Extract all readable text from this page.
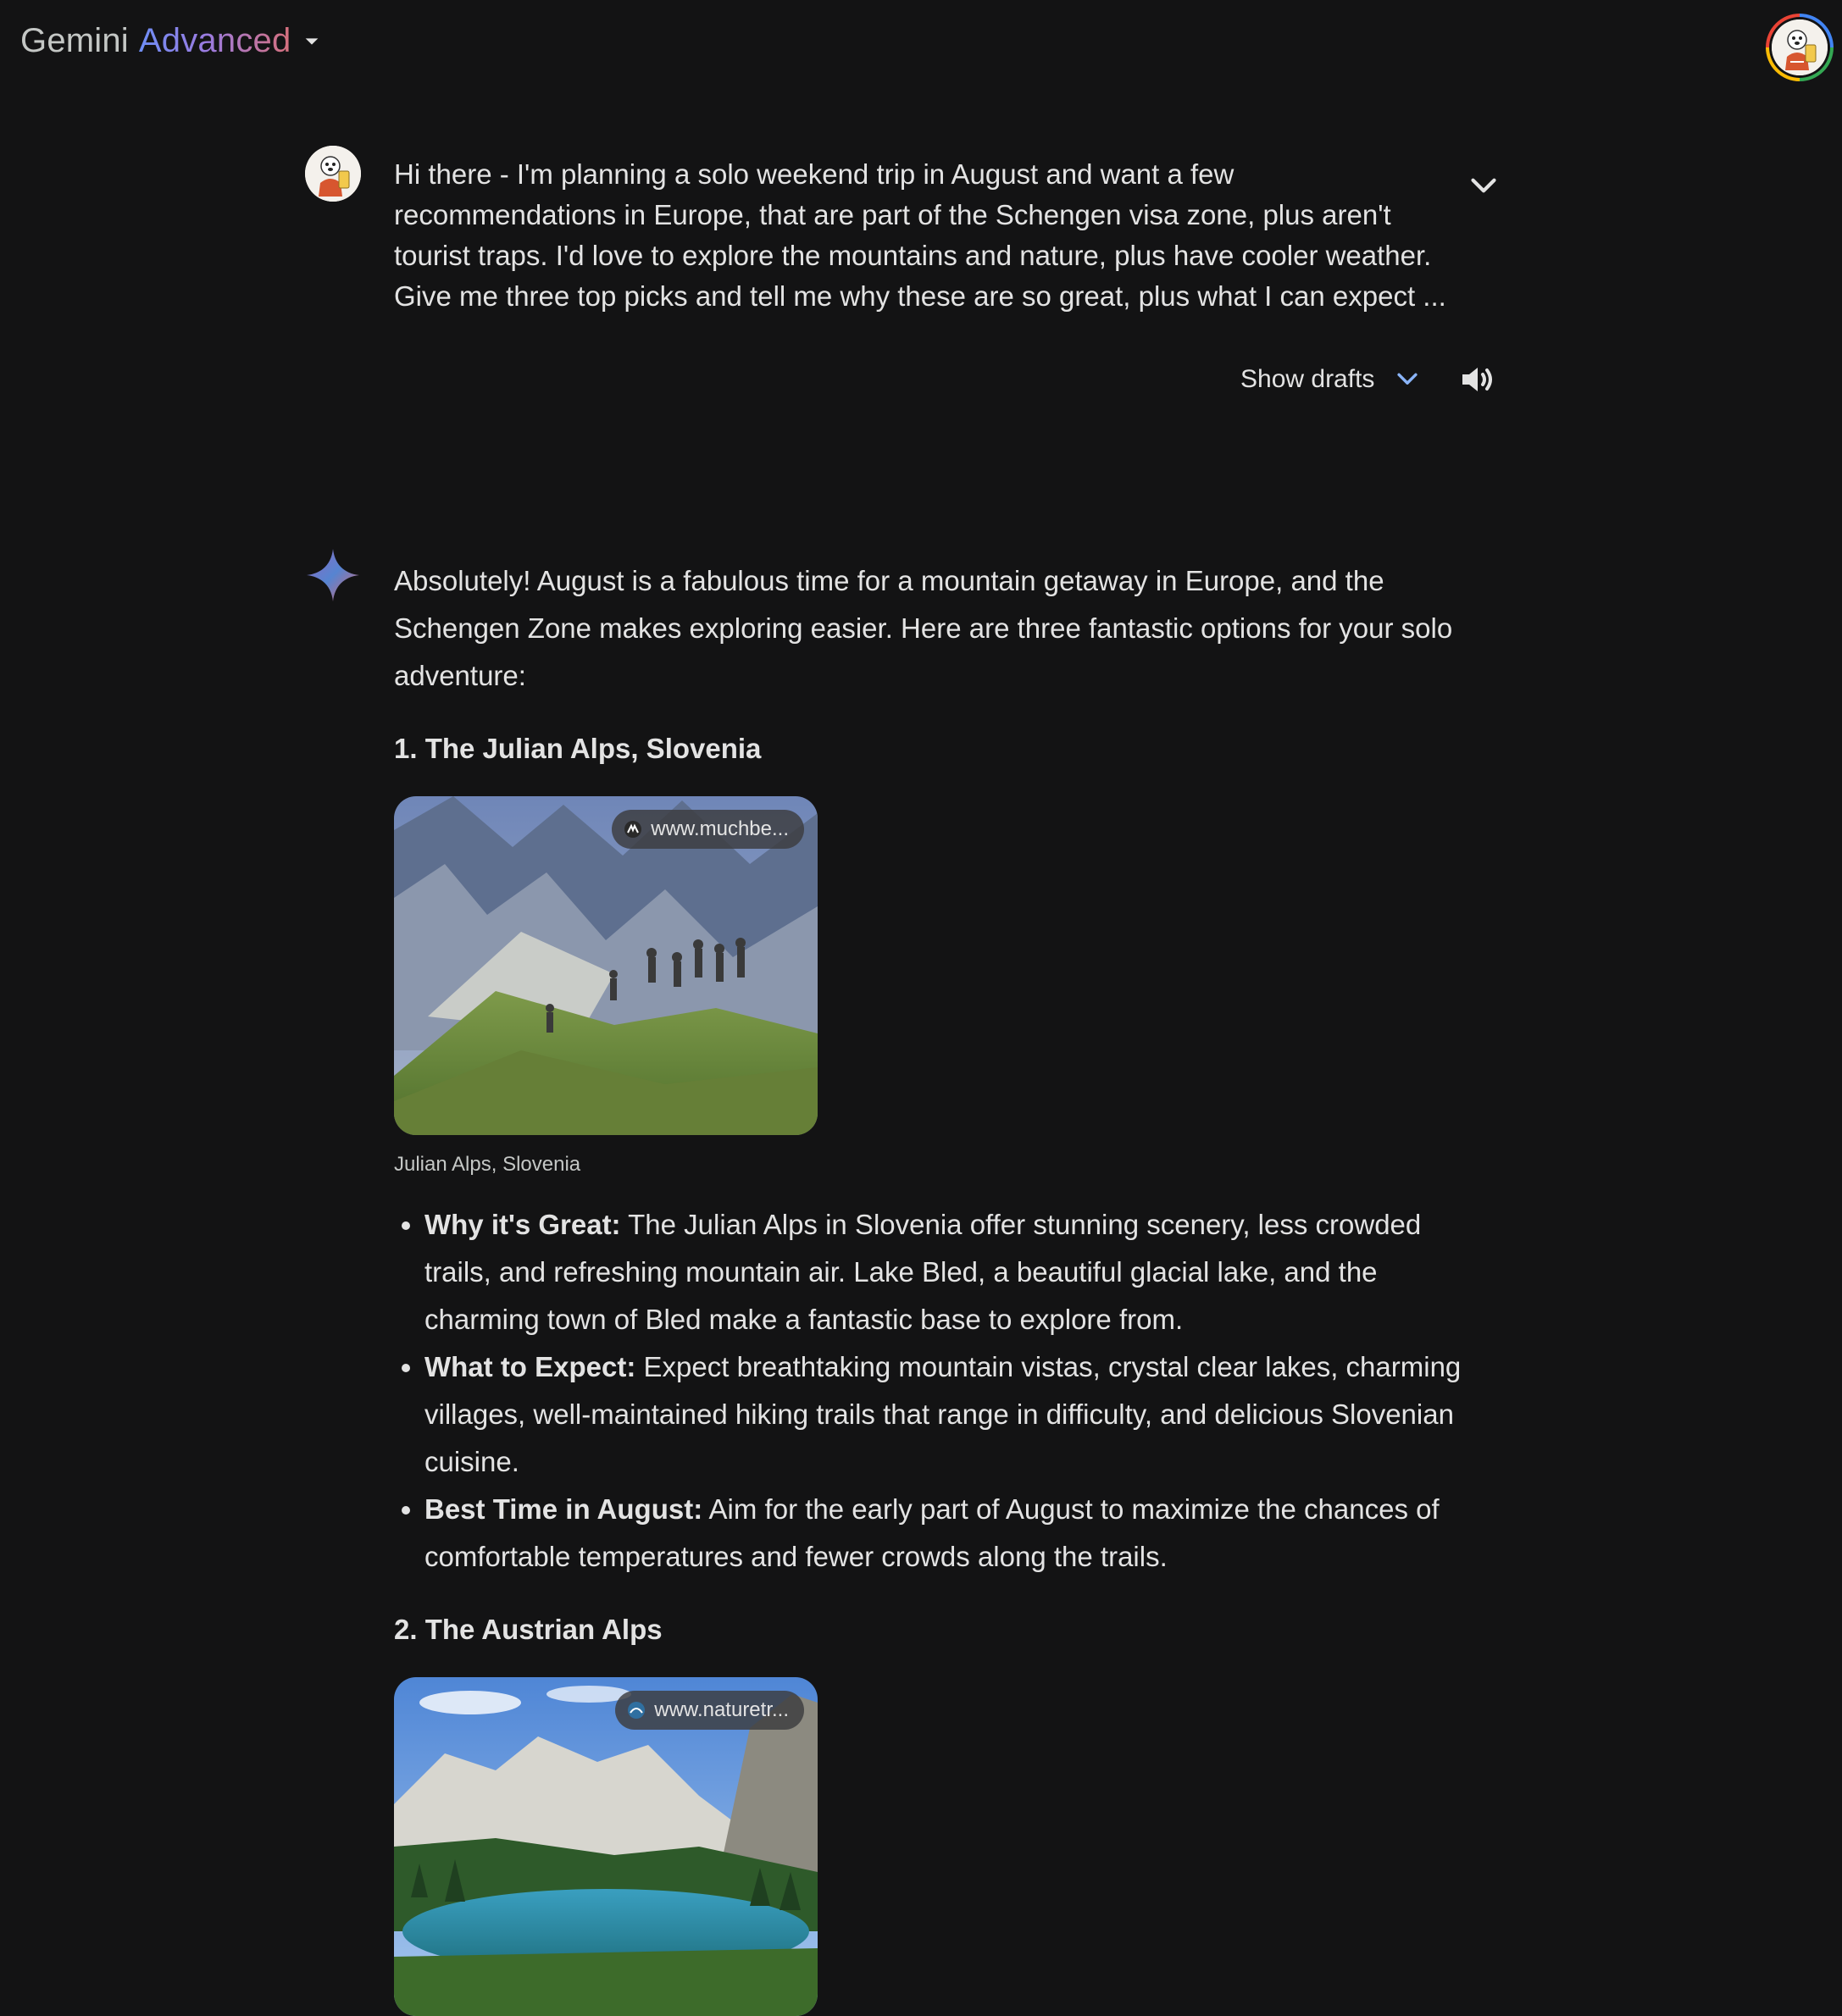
Gemini Advanced
Hi there - I'm planning a solo weekend trip in August and want a few
recommendations in Europe, that are part of the Schengen visa zone, plus aren't
tourist traps. I'd love to explore the mountains and nature, plus have cooler weather.
Give me three top picks and tell me why these are so great, plus what I can expect ...
Show drafts

Absolutely! August is a fabulous time for a mountain getaway in Europe, and the Schengen Zone makes exploring easier. Here are three fantastic options for your solo adventure:

1. The Julian Alps, Slovenia
www.muchbe...
Julian Alps, Slovenia
• Why it's Great: The Julian Alps in Slovenia offer stunning scenery, less crowded trails, and refreshing mountain air. Lake Bled, a beautiful glacial lake, and the charming town of Bled make a fantastic base to explore from.
• What to Expect: Expect breathtaking mountain vistas, crystal clear lakes, charming villages, well-maintained hiking trails that range in difficulty, and delicious Slovenian cuisine.
• Best Time in August: Aim for the early part of August to maximize the chances of comfortable temperatures and fewer crowds along the trails.
2. The Austrian Alps
www.naturetr...
